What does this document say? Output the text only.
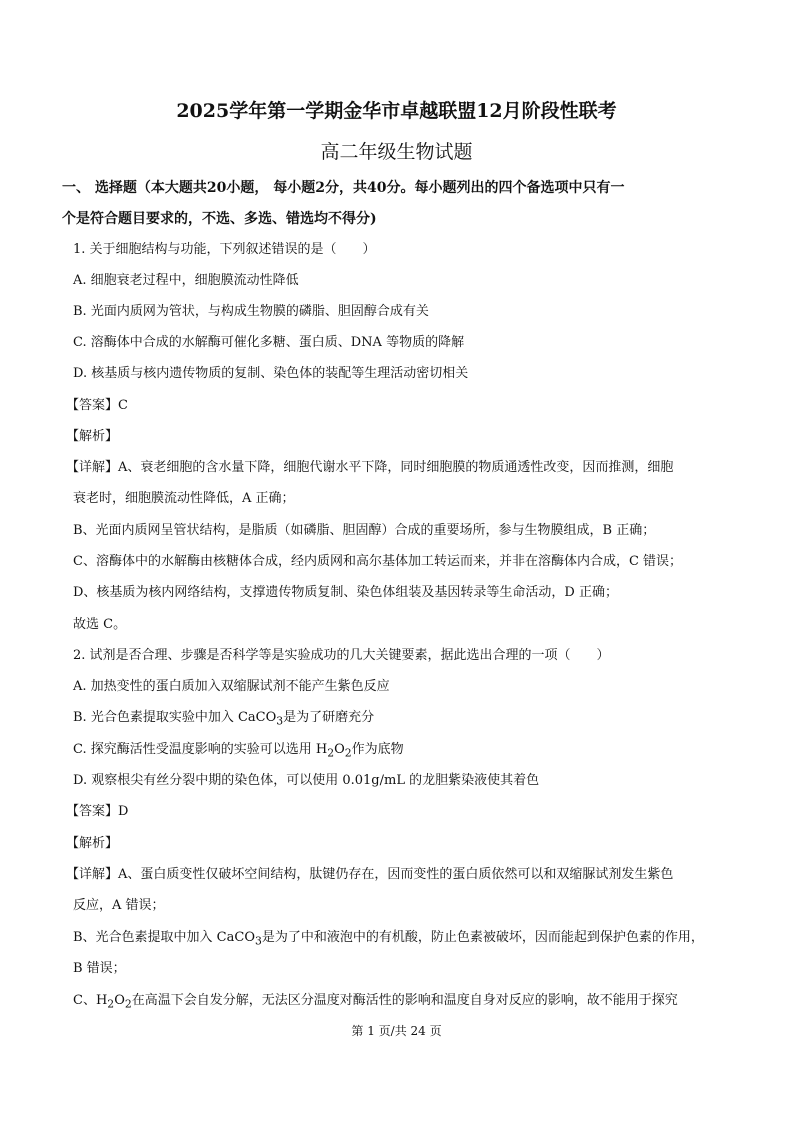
2025学年第一学期金华市卓越联盟12月阶段性联考
高二年级生物试题
一、 选择题（本大题共20小题， 每小题2分，共40分。每小题列出的四个备选项中只有一
个是符合题目要求的，不选、多选、错选均不得分)
1. 关于细胞结构与功能，下列叙述错误的是（　　）
A. 细胞衰老过程中，细胞膜流动性降低
B. 光面内质网为管状，与构成生物膜的磷脂、胆固醇合成有关
C. 溶酶体中合成的水解酶可催化多糖、蛋白质、DNA 等物质的降解
D. 核基质与核内遗传物质的复制、染色体的装配等生理活动密切相关
【答案】C
【解析】
【详解】A、衰老细胞的含水量下降，细胞代谢水平下降，同时细胞膜的物质通透性改变，因而推测，细胞
衰老时，细胞膜流动性降低，A 正确；
B、光面内质网呈管状结构，是脂质（如磷脂、胆固醇）合成的重要场所，参与生物膜组成，B 正确；
C、溶酶体中的水解酶由核糖体合成，经内质网和高尔基体加工转运而来，并非在溶酶体内合成，C 错误；
D、核基质为核内网络结构，支撑遗传物质复制、染色体组装及基因转录等生命活动，D 正确；
故选 C。
2. 试剂是否合理、步骤是否科学等是实验成功的几大关键要素，据此选出合理的一项（　　）
A. 加热变性的蛋白质加入双缩脲试剂不能产生紫色反应
B. 光合色素提取实验中加入 CaCO$_3$是为了研磨充分
C. 探究酶活性受温度影响的实验可以选用 $H_2O_2$作为底物
D. 观察根尖有丝分裂中期的染色体，可以使用 0.01g/mL 的龙胆紫染液使其着色
【答案】D
【解析】
【详解】A、蛋白质变性仅破坏空间结构，肽键仍存在，因而变性的蛋白质依然可以和双缩脲试剂发生紫色
反应，A 错误；
B、光合色素提取中加入 CaCO$_3$是为了中和液泡中的有机酸，防止色素被破坏，因而能起到保护色素的作用，
B 错误；
C、$H_2O_2$在高温下会自发分解，无法区分温度对酶活性的影响和温度自身对反应的影响，故不能用于探究
第 1 页/共 24 页
